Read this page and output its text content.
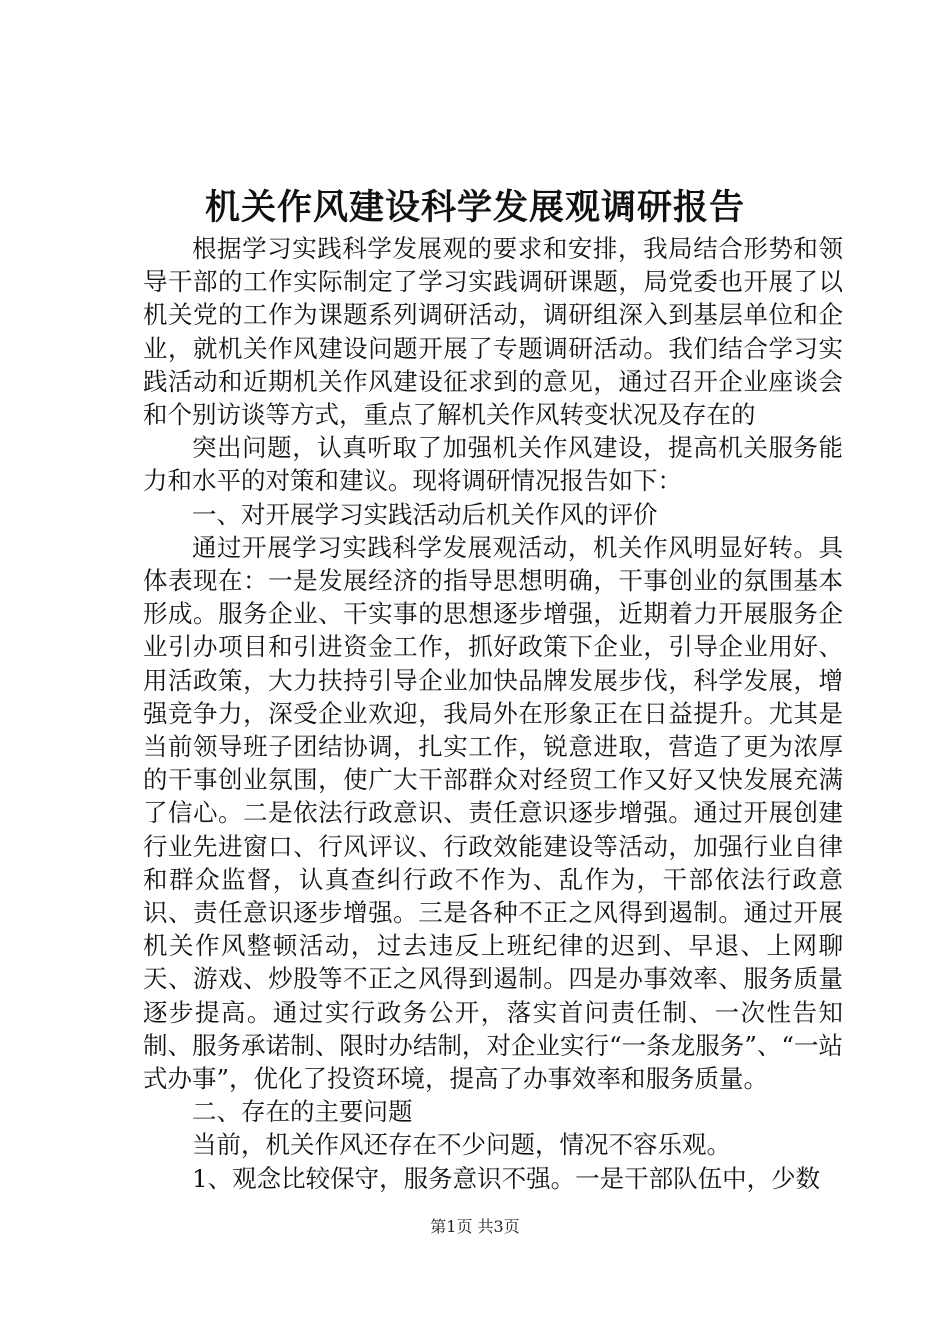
机关作风建设科学发展观调研报告

根据学习实践科学发展观的要求和安排，我局结合形势和领导干部的工作实际制定了学习实践调研课题，局党委也开展了以机关党的工作为课题系列调研活动，调研组深入到基层单位和企业，就机关作风建设问题开展了专题调研活动。我们结合学习实践活动和近期机关作风建设征求到的意见，通过召开企业座谈会和个别访谈等方式，重点了解机关作风转变状况及存在的

突出问题，认真听取了加强机关作风建设，提高机关服务能力和水平的对策和建议。现将调研情况报告如下：

一、对开展学习实践活动后机关作风的评价

通过开展学习实践科学发展观活动，机关作风明显好转。具体表现在：一是发展经济的指导思想明确，干事创业的氛围基本形成。服务企业、干实事的思想逐步增强，近期着力开展服务企业引办项目和引进资金工作，抓好政策下企业，引导企业用好、用活政策，大力扶持引导企业加快品牌发展步伐，科学发展，增强竞争力，深受企业欢迎，我局外在形象正在日益提升。尤其是当前领导班子团结协调，扎实工作，锐意进取，营造了更为浓厚的干事创业氛围，使广大干部群众对经贸工作又好又快发展充满了信心。二是依法行政意识、责任意识逐步增强。通过开展创建行业先进窗口、行风评议、行政效能建设等活动，加强行业自律和群众监督，认真查纠行政不作为、乱作为，干部依法行政意识、责任意识逐步增强。三是各种不正之风得到遏制。通过开展机关作风整顿活动，过去违反上班纪律的迟到、早退、上网聊天、游戏、炒股等不正之风得到遏制。四是办事效率、服务质量逐步提高。通过实行政务公开，落实首问责任制、一次性告知制、服务承诺制、限时办结制，对企业实行“一条龙服务”、“一站式办事”，优化了投资环境，提高了办事效率和服务质量。

二、存在的主要问题

当前，机关作风还存在不少问题，情况不容乐观。

1、观念比较保守，服务意识不强。一是干部队伍中，少数

第1页 共3页
